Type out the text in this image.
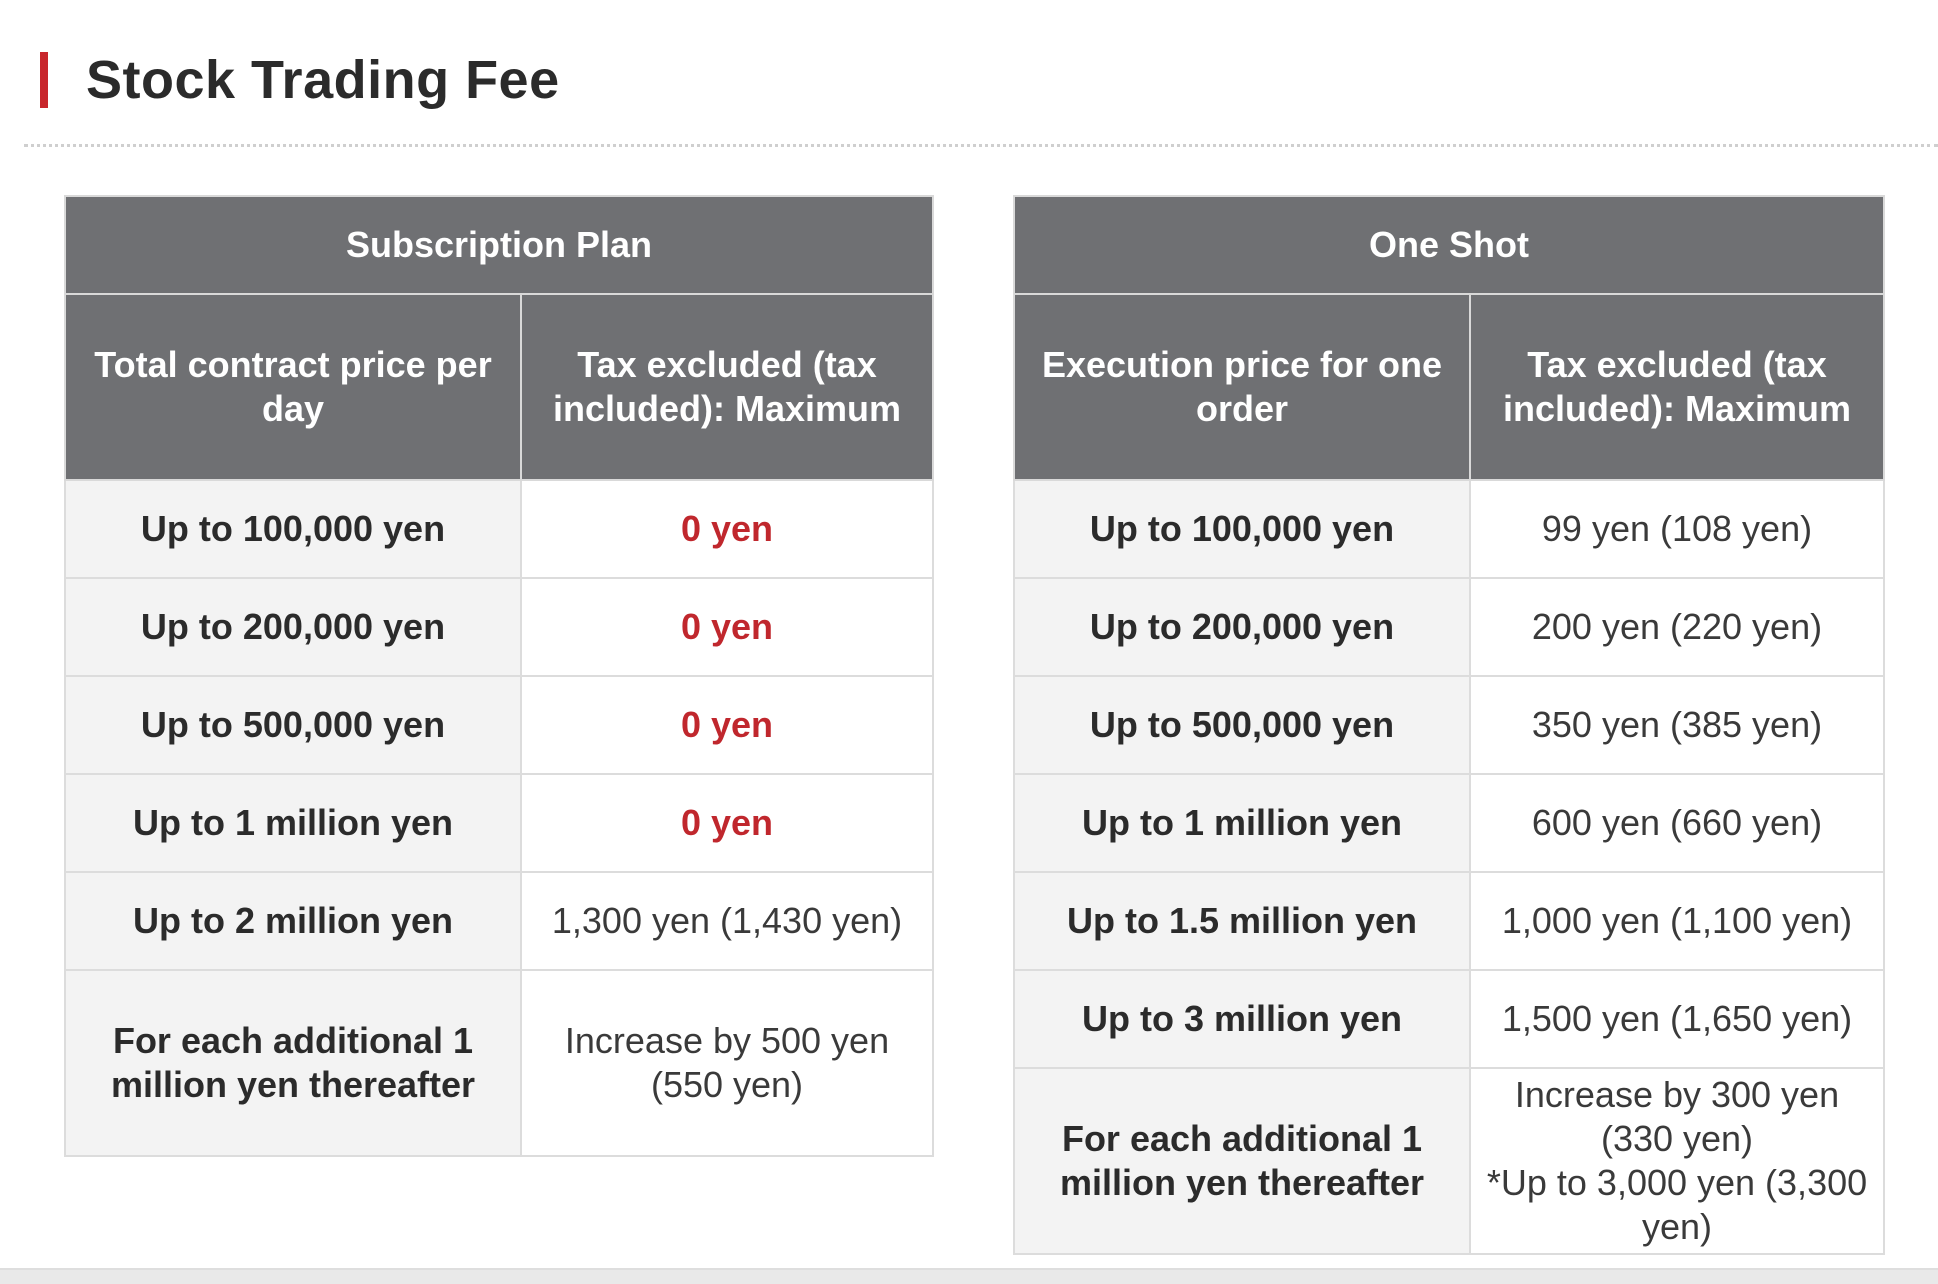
Stock Trading Fee
Subscription Plan	
Total contract price per day	Tax excluded (tax included): Maximum
Up to 100,000 yen	0 yen
Up to 200,000 yen	0 yen
Up to 500,000 yen	0 yen
Up to 1 million yen	0 yen
Up to 2 million yen	1,300 yen (1,430 yen)
For each additional 1 million yen thereafter	Increase by 500 yen (550 yen)
One Shot	
Execution price for one order	Tax excluded (tax included): Maximum
Up to 100,000 yen	99 yen (108 yen)
Up to 200,000 yen	200 yen (220 yen)
Up to 500,000 yen	350 yen (385 yen)
Up to 1 million yen	600 yen (660 yen)
Up to 1.5 million yen	1,000 yen (1,100 yen)
Up to 3 million yen	1,500 yen (1,650 yen)
For each additional 1 million yen thereafter	Increase by 300 yen (330 yen)
*Up to 3,000 yen (3,300 yen)
